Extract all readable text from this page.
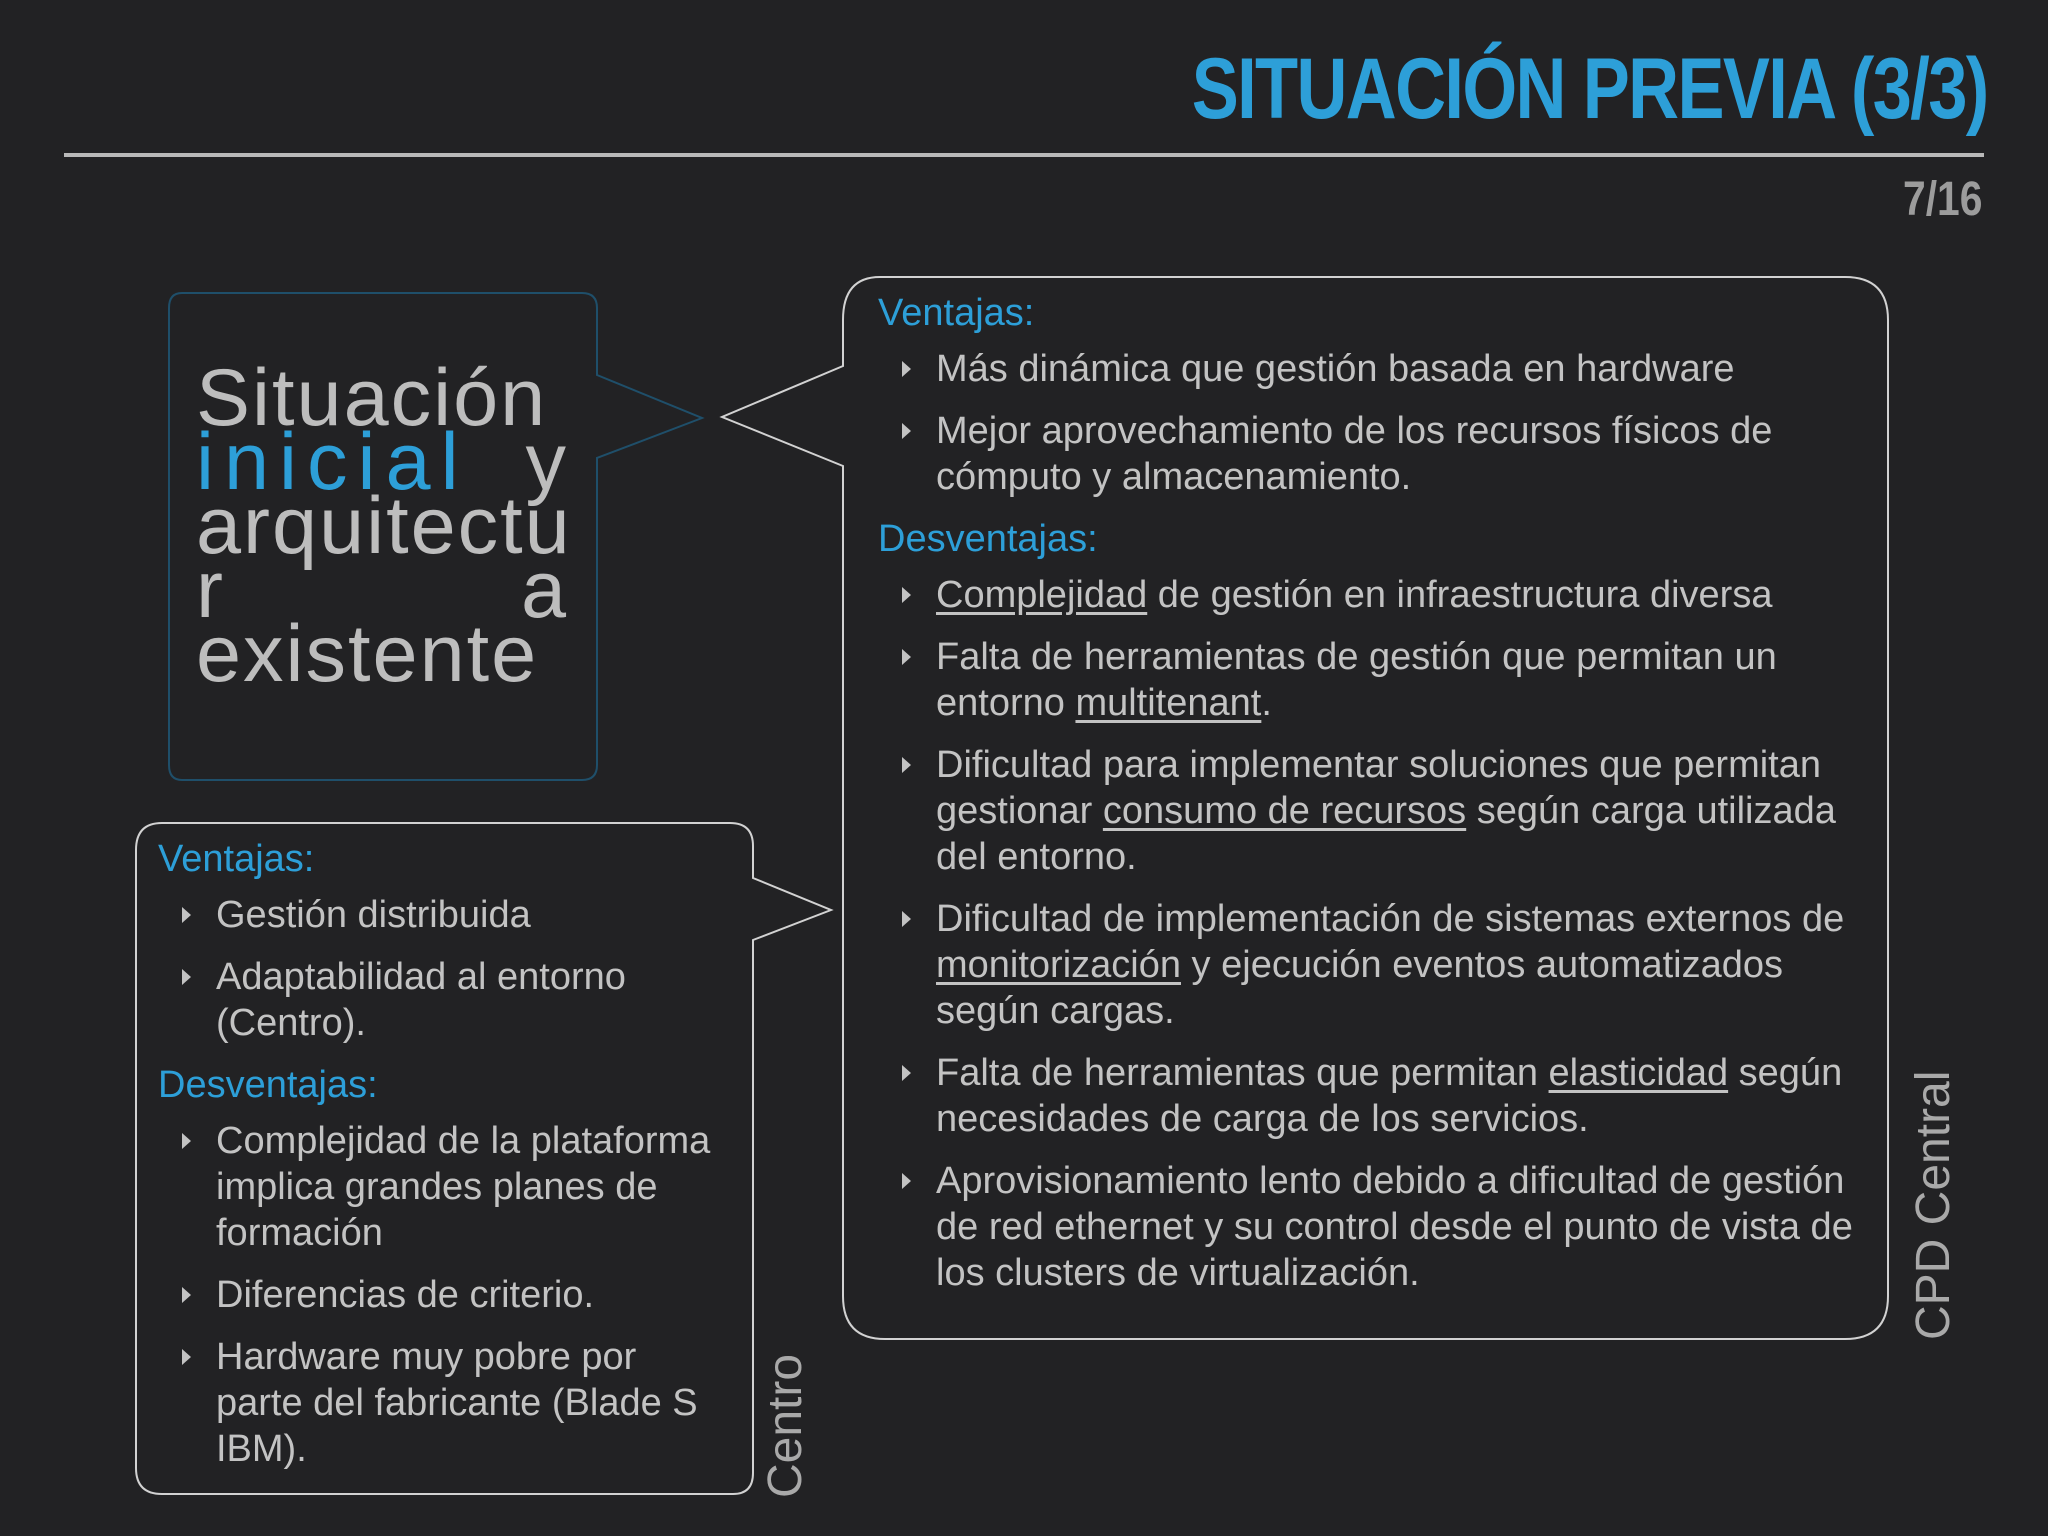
SITUACIÓN PREVIA (3/3)
7/16
Situación
inicial y
arquitectu
r	a
existente
Ventajas:
Más dinámica que gestión basada en hardware
Mejor aprovechamiento de los recursos físicos de cómputo y almacenamiento.
Desventajas:
Complejidad de gestión en infraestructura diversa
Falta de herramientas de gestión que permitan un entorno multitenant.
Dificultad para implementar soluciones que permitan gestionar consumo de recursos según carga utilizada del entorno.
Dificultad de implementación de sistemas externos de monitorización y ejecución eventos automatizados según cargas.
Falta de herramientas que permitan elasticidad según necesidades de carga de los servicios.
Aprovisionamiento lento debido a dificultad de gestión de red ethernet y su control desde el punto de vista de los clusters de virtualización.
Ventajas:
Gestión distribuida
Adaptabilidad al entorno (Centro).
Desventajas:
Complejidad de la plataforma implica grandes planes de formación
Diferencias de criterio.
Hardware muy pobre por parte del fabricante (Blade S IBM).
CPD Central
Centro
